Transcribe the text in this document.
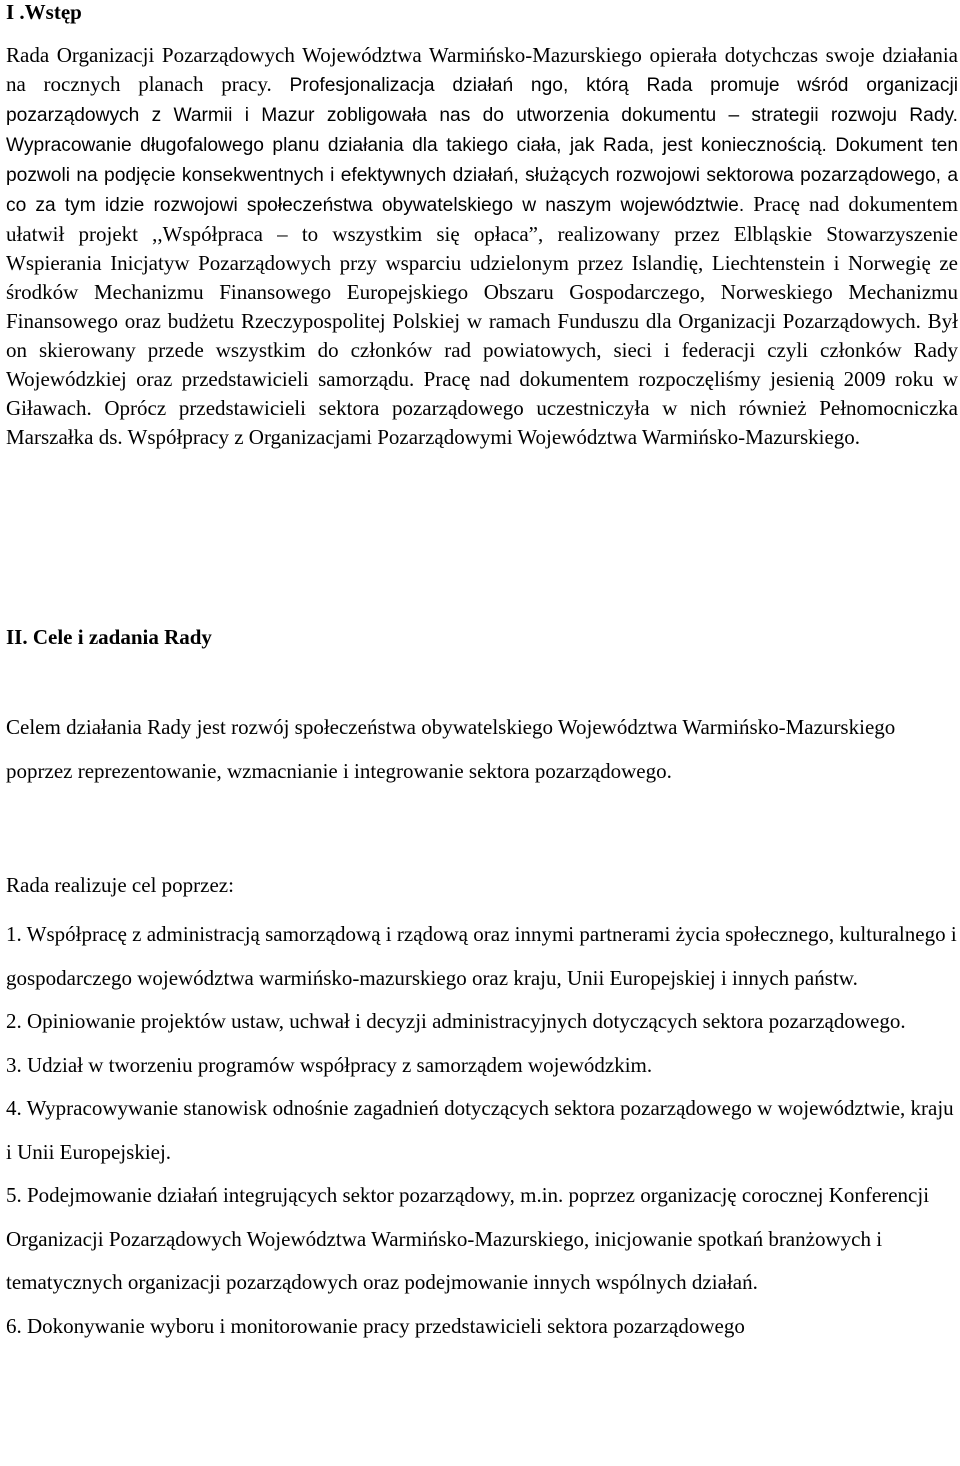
I .Wstęp

Rada Organizacji Pozarządowych Województwa Warmińsko-Mazurskiego opierała dotychczas swoje działania na rocznych planach pracy. Profesjonalizacja działań ngo, którą Rada promuje wśród organizacji pozarządowych z Warmii i Mazur zobligowała nas do utworzenia dokumentu – strategii rozwoju Rady. Wypracowanie długofalowego planu działania dla takiego ciała, jak Rada, jest koniecznością. Dokument ten pozwoli na podjęcie konsekwentnych i efektywnych działań, służących rozwojowi sektorowa pozarządowego, a co za tym idzie rozwojowi społeczeństwa obywatelskiego w naszym województwie. Pracę nad dokumentem ułatwił projekt ,,Współpraca – to wszystkim się opłaca”, realizowany przez Elbląskie Stowarzyszenie Wspierania Inicjatyw Pozarządowych przy wsparciu udzielonym przez Islandię, Liechtenstein i Norwegię ze środków Mechanizmu Finansowego Europejskiego Obszaru Gospodarczego, Norweskiego Mechanizmu Finansowego oraz budżetu Rzeczypospolitej Polskiej w ramach Funduszu dla Organizacji Pozarządowych. Był on skierowany przede wszystkim do członków rad powiatowych, sieci i federacji czyli członków Rady Wojewódzkiej oraz przedstawicieli samorządu. Pracę nad dokumentem rozpoczęliśmy jesienią 2009 roku w Giławach. Oprócz przedstawicieli sektora pozarządowego uczestniczyła w nich również Pełnomocniczka Marszałka ds. Współpracy z Organizacjami Pozarządowymi Województwa Warmińsko-Mazurskiego.

II. Cele i zadania Rady

Celem działania Rady jest rozwój społeczeństwa obywatelskiego Województwa Warmińsko-Mazurskiego poprzez reprezentowanie, wzmacnianie i integrowanie sektora pozarządowego.

Rada realizuje cel poprzez:

1. Współpracę z administracją samorządową i rządową oraz innymi partnerami życia społecznego, kulturalnego i gospodarczego województwa warmińsko-mazurskiego oraz kraju, Unii Europejskiej i innych państw.

2. Opiniowanie projektów ustaw, uchwał i decyzji administracyjnych dotyczących sektora pozarządowego.

3. Udział w tworzeniu programów współpracy z samorządem wojewódzkim.

4. Wypracowywanie stanowisk odnośnie zagadnień dotyczących sektora pozarządowego w województwie, kraju i Unii Europejskiej.

5. Podejmowanie działań integrujących sektor pozarządowy, m.in. poprzez organizację corocznej Konferencji Organizacji Pozarządowych Województwa Warmińsko-Mazurskiego, inicjowanie spotkań branżowych i tematycznych organizacji pozarządowych oraz podejmowanie innych wspólnych działań.

6. Dokonywanie wyboru i monitorowanie pracy przedstawicieli sektora pozarządowego
